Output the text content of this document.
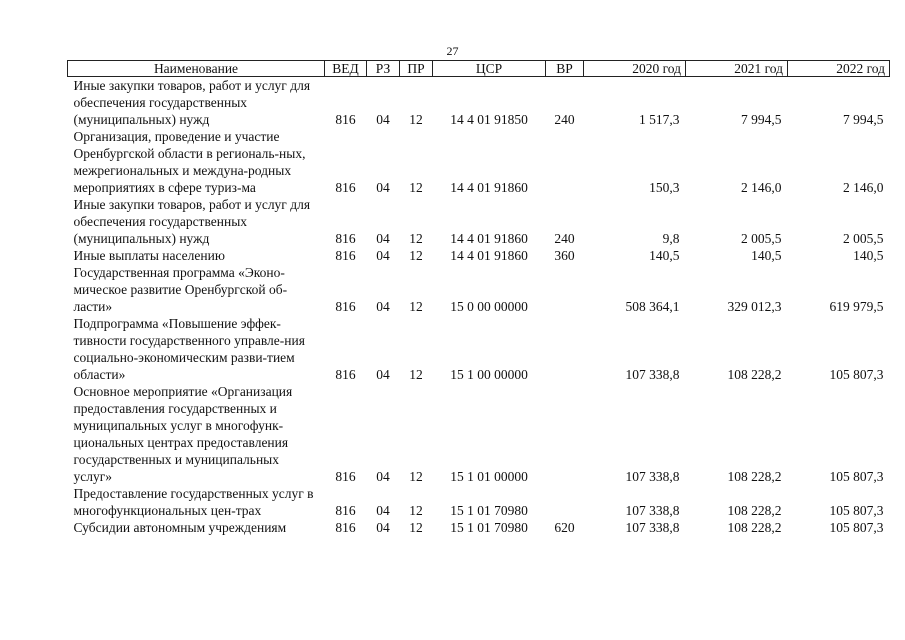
27
Наименование	ВЕД	РЗ	ПР	ЦСР	ВР	2020 год	2021 год	2022 год
Иные закупки товаров, работ и услуг для обеспечения государственных (муниципальных) нужд	816	04	12	14 4 01 91850	240	1 517,3	7 994,5	7 994,5
Организация, проведение и участие Оренбургской области в региональ-ных, межрегиональных и междуна-родных мероприятиях в сфере туриз-ма	816	04	12	14 4 01 91860		150,3	2 146,0	2 146,0
Иные закупки товаров, работ и услуг для обеспечения государственных (муниципальных) нужд	816	04	12	14 4 01 91860	240	9,8	2 005,5	2 005,5
Иные выплаты населению	816	04	12	14 4 01 91860	360	140,5	140,5	140,5
Государственная программа «Эконо-мическое развитие Оренбургской об-ласти»	816	04	12	15 0 00 00000		508 364,1	329 012,3	619 979,5
Подпрограмма «Повышение эффек-тивности государственного управле-ния социально-экономическим разви-тием области»	816	04	12	15 1 00 00000		107 338,8	108 228,2	105 807,3
Основное мероприятие «Организация предоставления государственных и муниципальных услуг в многофунк-циональных центрах предоставления государственных и муниципальных услуг»	816	04	12	15 1 01 00000		107 338,8	108 228,2	105 807,3
Предоставление государственных услуг в многофункциональных цен-трах	816	04	12	15 1 01 70980		107 338,8	108 228,2	105 807,3
Субсидии автономным учреждениям	816	04	12	15 1 01 70980	620	107 338,8	108 228,2	105 807,3
